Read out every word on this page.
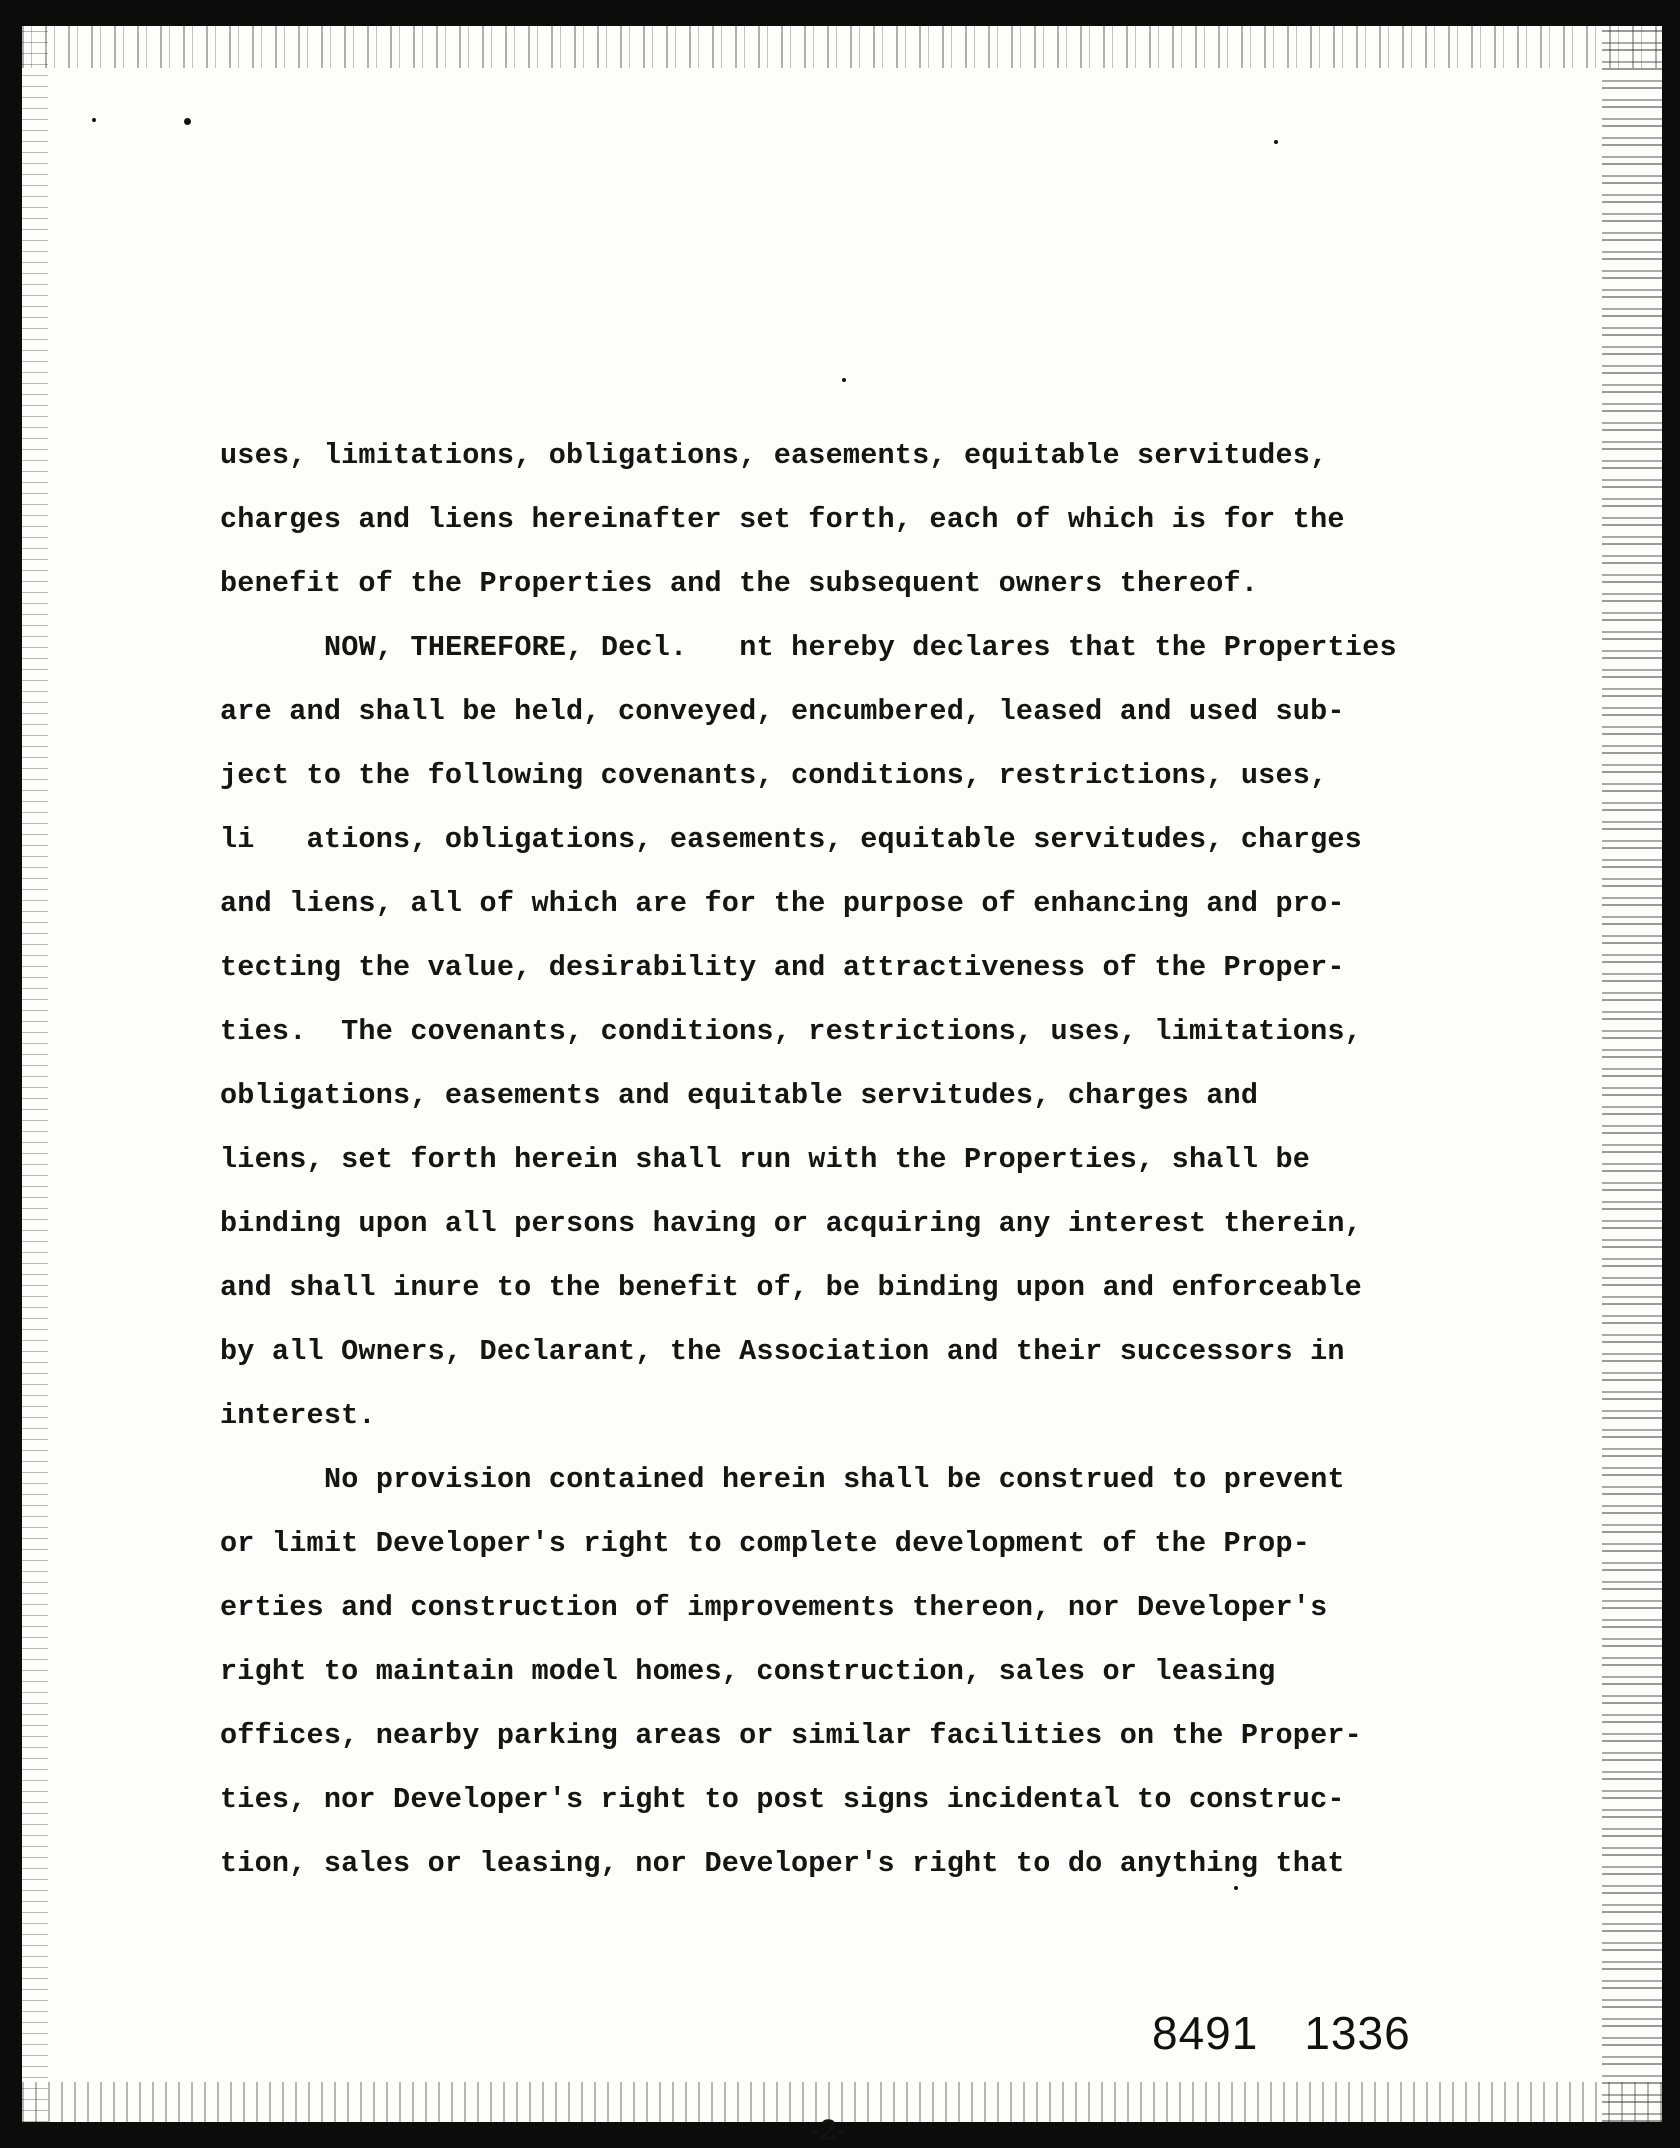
uses, limitations, obligations, easements, equitable servitudes,
charges and liens hereinafter set forth, each of which is for the
benefit of the Properties and the subsequent owners thereof.
NOW, THEREFORE, Decl.   nt hereby declares that the Properties
are and shall be held, conveyed, encumbered, leased and used sub-
ject to the following covenants, conditions, restrictions, uses,
li   ations, obligations, easements, equitable servitudes, charges
and liens, all of which are for the purpose of enhancing and pro-
tecting the value, desirability and attractiveness of the Proper-
ties.  The covenants, conditions, restrictions, uses, limitations,
obligations, easements and equitable servitudes, charges and
liens, set forth herein shall run with the Properties, shall be
binding upon all persons having or acquiring any interest therein,
and shall inure to the benefit of, be binding upon and enforceable
by all Owners, Declarant, the Association and their successors in
interest.
No provision contained herein shall be construed to prevent
or limit Developer's right to complete development of the Prop-
erties and construction of improvements thereon, nor Developer's
right to maintain model homes, construction, sales or leasing
offices, nearby parking areas or similar facilities on the Proper-
ties, nor Developer's right to post signs incidental to construc-
tion, sales or leasing, nor Developer's right to do anything that
8491 1336
-2-
